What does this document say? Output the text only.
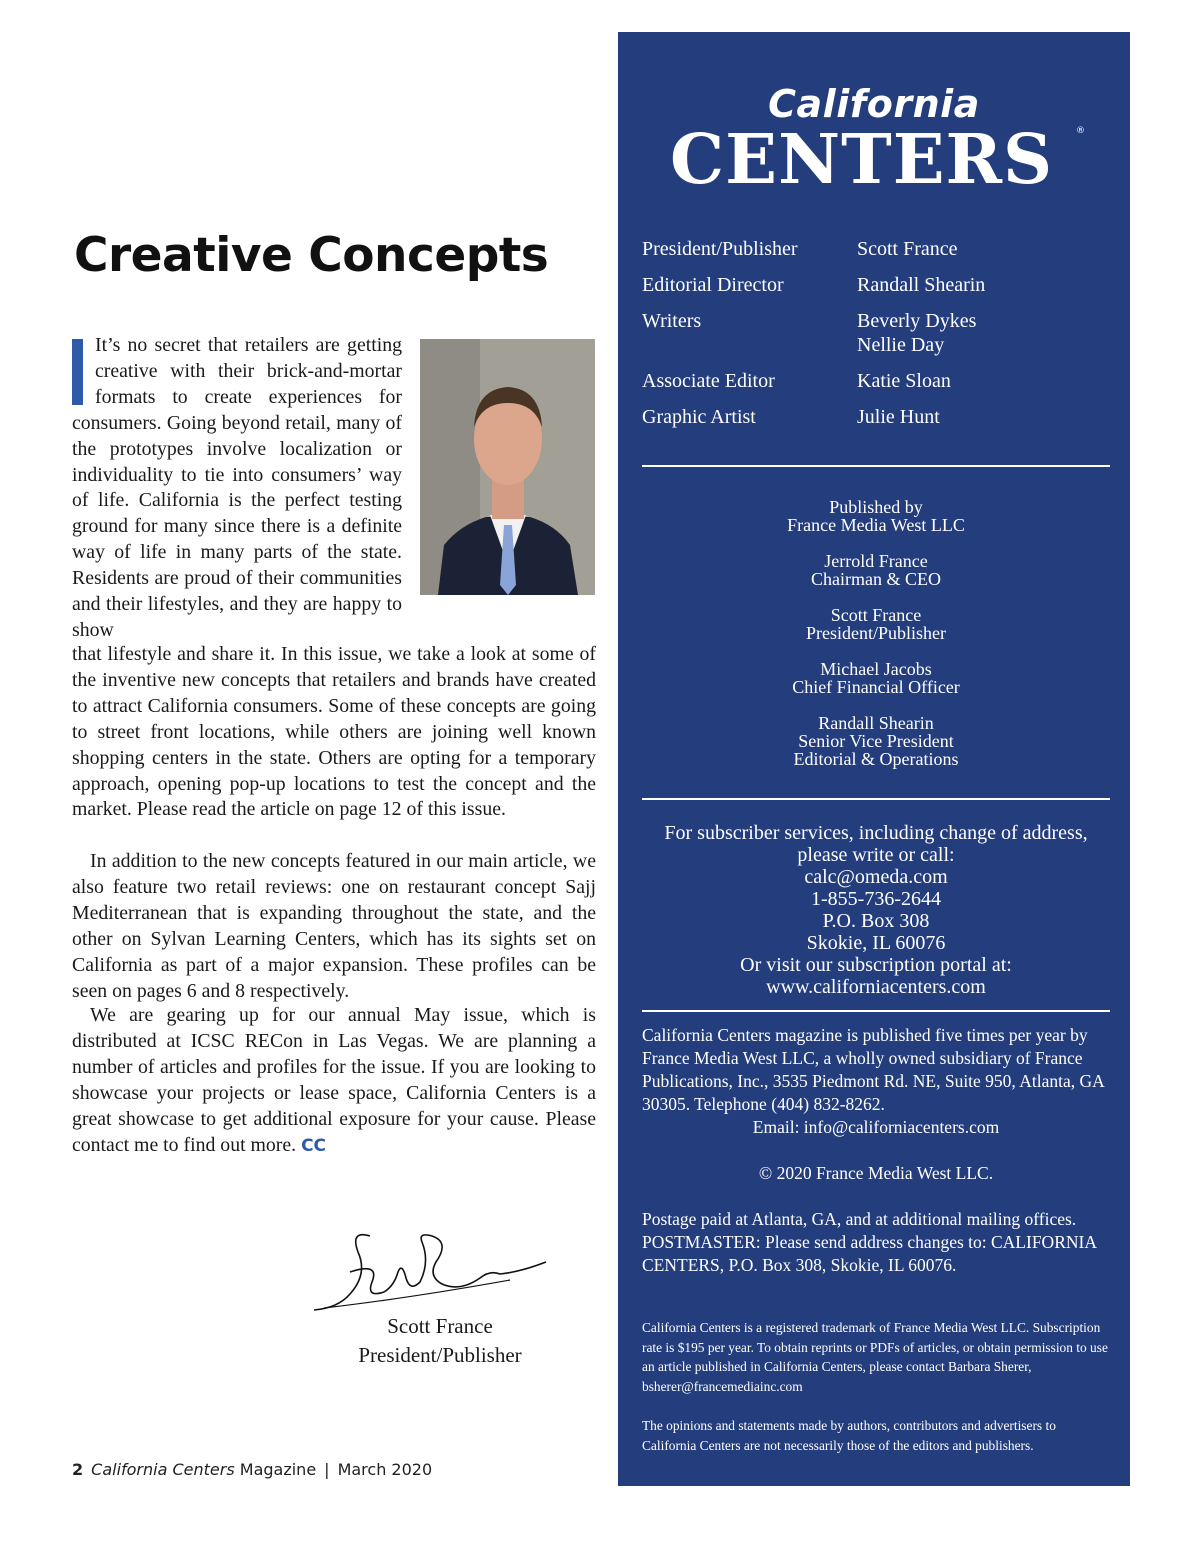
Creative Concepts

It’s no secret that retailers are getting creative with their brick-and-mortar formats to create experiences for consumers. Going beyond retail, many of the prototypes involve localization or individuality to tie into consumers’ way of life. California is the perfect testing ground for many since there is a definite way of life in many parts of the state. Residents are proud of their communities and their lifestyles, and they are happy to show

that lifestyle and share it. In this issue, we take a look at some of the inventive new concepts that retailers and brands have created to attract California consumers. Some of these concepts are going to street front locations, while others are joining well known shopping centers in the state. Others are opting for a temporary approach, opening pop-up locations to test the concept and the market. Please read the article on page 12 of this issue.

In addition to the new concepts featured in our main article, we also feature two retail reviews: one on restaurant concept Sajj Mediterranean that is expanding throughout the state, and the other on Sylvan Learning Centers, which has its sights set on California as part of a major expansion. These profiles can be seen on pages 6 and 8 respectively.

We are gearing up for our annual May issue, which is distributed at ICSC RECon in Las Vegas. We are planning a number of articles and profiles for the issue. If you are looking to showcase your projects or lease space, California Centers is a great showcase to get additional exposure for your cause. Please contact me to find out more. CC

Scott France
President/Publisher
2 California Centers Magazine | March 2020
California
CENTERS	®
President/Publisher	Scott France
Editorial Director	Randall Shearin
Writers	Beverly Dykes
Nellie Day
Associate Editor	Katie Sloan
Graphic Artist	Julie Hunt
Published by
France Media West LLC
Jerrold France
Chairman & CEO
Scott France
President/Publisher
Michael Jacobs
Chief Financial Officer
Randall Shearin
Senior Vice President
Editorial & Operations
For subscriber services, including change of address,
please write or call:
calc@omeda.com
1-855-736-2644
P.O. Box 308
Skokie, IL 60076
Or visit our subscription portal at:
www.californiacenters.com
California Centers magazine is published five times per year by France Media West LLC, a wholly owned subsidiary of France Publications, Inc., 3535 Piedmont Rd. NE, Suite 950, Atlanta, GA 30305. Telephone (404) 832-8262.
Email: info@californiacenters.com
© 2020 France Media West LLC.
Postage paid at Atlanta, GA, and at additional mailing offices. POSTMASTER: Please send address changes to: CALIFORNIA CENTERS, P.O. Box 308, Skokie, IL 60076.
California Centers is a registered trademark of France Media West LLC. Subscription rate is $195 per year. To obtain reprints or PDFs of articles, or obtain permission to use an article published in California Centers, please contact Barbara Sherer, bsherer@francemediainc.com
The opinions and statements made by authors, contributors and advertisers to California Centers are not necessarily those of the editors and publishers.
